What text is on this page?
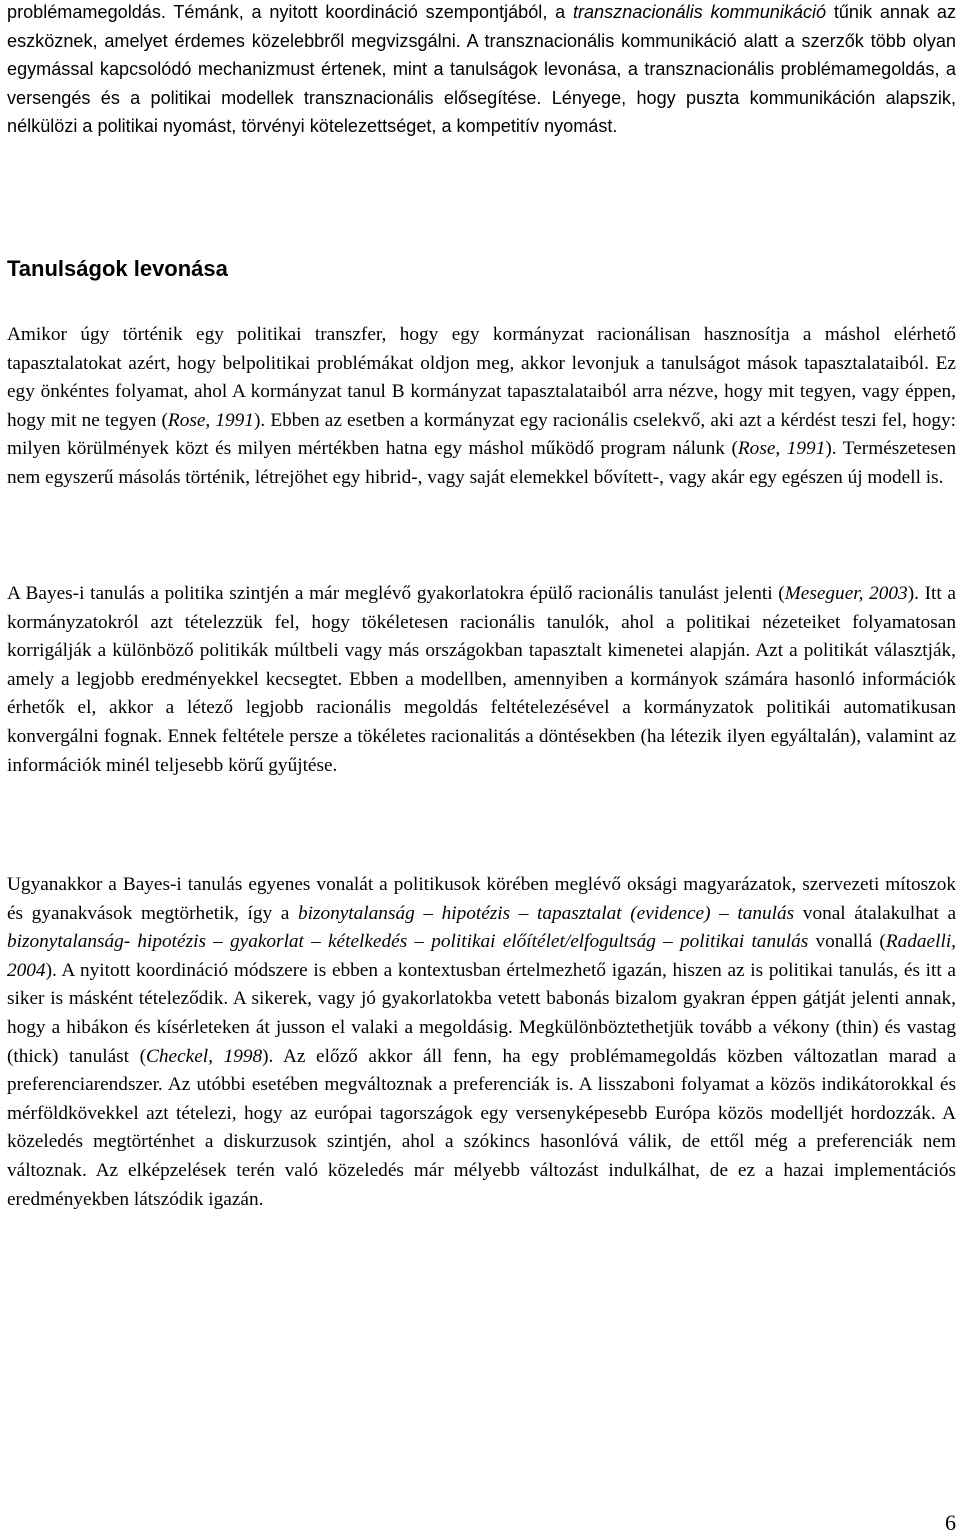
problémamegoldás. Témánk, a nyitott koordináció szempontjából, a transznacionális kommunikáció tűnik annak az eszköznek, amelyet érdemes közelebbről megvizsgálni. A transznacionális kommunikáció alatt a szerzők több olyan egymással kapcsolódó mechanizmust értenek, mint a tanulságok levonása, a transznacionális problémamegoldás, a versengés és a politikai modellek transznacionális elősegítése. Lényege, hogy puszta kommunikáción alapszik, nélkülözi a politikai nyomást, törvényi kötelezettséget, a kompetitív nyomást.

Tanulságok levonása

Amikor úgy történik egy politikai transzfer, hogy egy kormányzat racionálisan hasznosítja a máshol elérhető tapasztalatokat azért, hogy belpolitikai problémákat oldjon meg, akkor levonjuk a tanulságot mások tapasztalataiból. Ez egy önkéntes folyamat, ahol A kormányzat tanul B kormányzat tapasztalataiból arra nézve, hogy mit tegyen, vagy éppen, hogy mit ne tegyen (Rose, 1991). Ebben az esetben a kormányzat egy racionális cselekvő, aki azt a kérdést teszi fel, hogy: milyen körülmények közt és milyen mértékben hatna egy máshol működő program nálunk (Rose, 1991). Természetesen nem egyszerű másolás történik, létrejöhet egy hibrid-, vagy saját elemekkel bővített-, vagy akár egy egészen új modell is.

A Bayes-i tanulás a politika szintjén a már meglévő gyakorlatokra épülő racionális tanulást jelenti (Meseguer, 2003). Itt a kormányzatokról azt tételezzük fel, hogy tökéletesen racionális tanulók, ahol a politikai nézeteiket folyamatosan korrigálják a különböző politikák múltbeli vagy más országokban tapasztalt kimenetei alapján. Azt a politikát választják, amely a legjobb eredményekkel kecsegtet. Ebben a modellben, amennyiben a kormányok számára hasonló információk érhetők el, akkor a létező legjobb racionális megoldás feltételezésével a kormányzatok politikái automatikusan konvergálni fognak. Ennek feltétele persze a tökéletes racionalitás a döntésekben (ha létezik ilyen egyáltalán), valamint az információk minél teljesebb körű gyűjtése.

Ugyanakkor a Bayes-i tanulás egyenes vonalát a politikusok körében meglévő oksági magyarázatok, szervezeti mítoszok és gyanakvások megtörhetik, így a bizonytalanság – hipotézis – tapasztalat (evidence) – tanulás vonal átalakulhat a bizonytalanság- hipotézis – gyakorlat – kételkedés – politikai előítélet/elfogultság – politikai tanulás vonallá (Radaelli, 2004). A nyitott koordináció módszere is ebben a kontextusban értelmezhető igazán, hiszen az is politikai tanulás, és itt a siker is másként tételeződik. A sikerek, vagy jó gyakorlatokba vetett babonás bizalom gyakran éppen gátját jelenti annak, hogy a hibákon és kísérleteken át jusson el valaki a megoldásig. Megkülönböztethetjük tovább a vékony (thin) és vastag (thick) tanulást (Checkel, 1998). Az előző akkor áll fenn, ha egy problémamegoldás közben változatlan marad a preferenciarendszer. Az utóbbi esetében megváltoznak a preferenciák is. A lisszaboni folyamat a közös indikátorokkal és mérföldkövekkel azt tételezi, hogy az európai tagországok egy versenyképesebb Európa közös modelljét hordozzák. A közeledés megtörténhet a diskurzusok szintjén, ahol a szókincs hasonlóvá válik, de ettől még a preferenciák nem változnak. Az elképzelések terén való közeledés már mélyebb változást indulkálhat, de ez a hazai implementációs eredményekben látszódik igazán.

6
